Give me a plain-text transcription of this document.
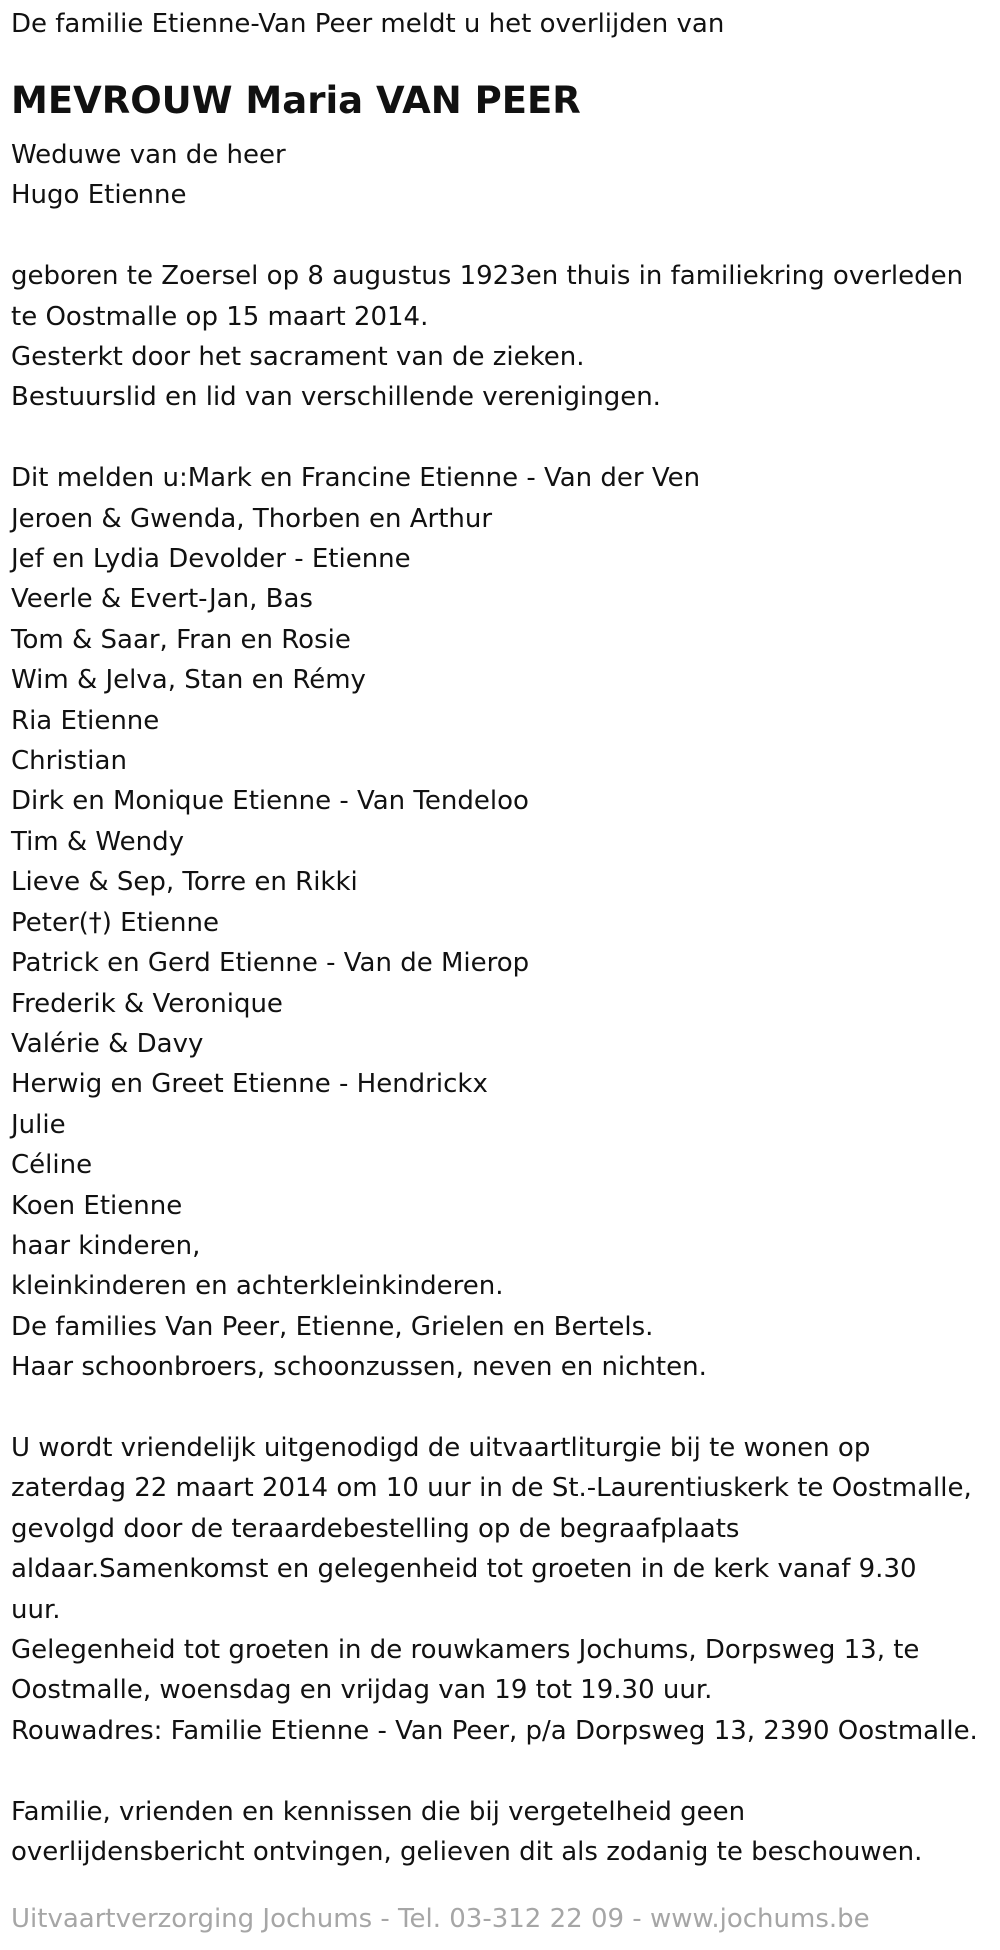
De familie Etienne-Van Peer meldt u het overlijden van

MEVROUW Maria VAN PEER

Weduwe van de heer

Hugo Etienne

geboren te Zoersel op 8 augustus 1923en thuis in familiekring overleden

te Oostmalle op 15 maart 2014.

Gesterkt door het sacrament van de zieken.

Bestuurslid en lid van verschillende verenigingen.

Dit melden u:Mark en Francine Etienne - Van der Ven

Jeroen & Gwenda, Thorben en Arthur

Jef en Lydia Devolder - Etienne

Veerle & Evert-Jan, Bas

Tom & Saar, Fran en Rosie

Wim & Jelva, Stan en Rémy

Ria Etienne

Christian

Dirk en Monique Etienne - Van Tendeloo

Tim & Wendy

Lieve & Sep, Torre en Rikki

Peter(†) Etienne

Patrick en Gerd Etienne - Van de Mierop

Frederik & Veronique

Valérie & Davy

Herwig en Greet Etienne - Hendrickx

Julie

Céline

Koen Etienne

haar kinderen,

kleinkinderen en achterkleinkinderen.

De families Van Peer, Etienne, Grielen en Bertels.

Haar schoonbroers, schoonzussen, neven en nichten.

U wordt vriendelijk uitgenodigd de uitvaartliturgie bij te wonen op

zaterdag 22 maart 2014 om 10 uur in de St.-Laurentiuskerk te Oostmalle,

gevolgd door de teraardebestelling op de begraafplaats

aldaar.Samenkomst en gelegenheid tot groeten in de kerk vanaf 9.30

uur.

Gelegenheid tot groeten in de rouwkamers Jochums, Dorpsweg 13, te

Oostmalle, woensdag en vrijdag van 19 tot 19.30 uur.

Rouwadres: Familie Etienne - Van Peer, p/a Dorpsweg 13, 2390 Oostmalle.

Familie, vrienden en kennissen die bij vergetelheid geen

overlijdensbericht ontvingen, gelieven dit als zodanig te beschouwen.

Uitvaartverzorging Jochums - Tel. 03-312 22 09 - www.jochums.be
